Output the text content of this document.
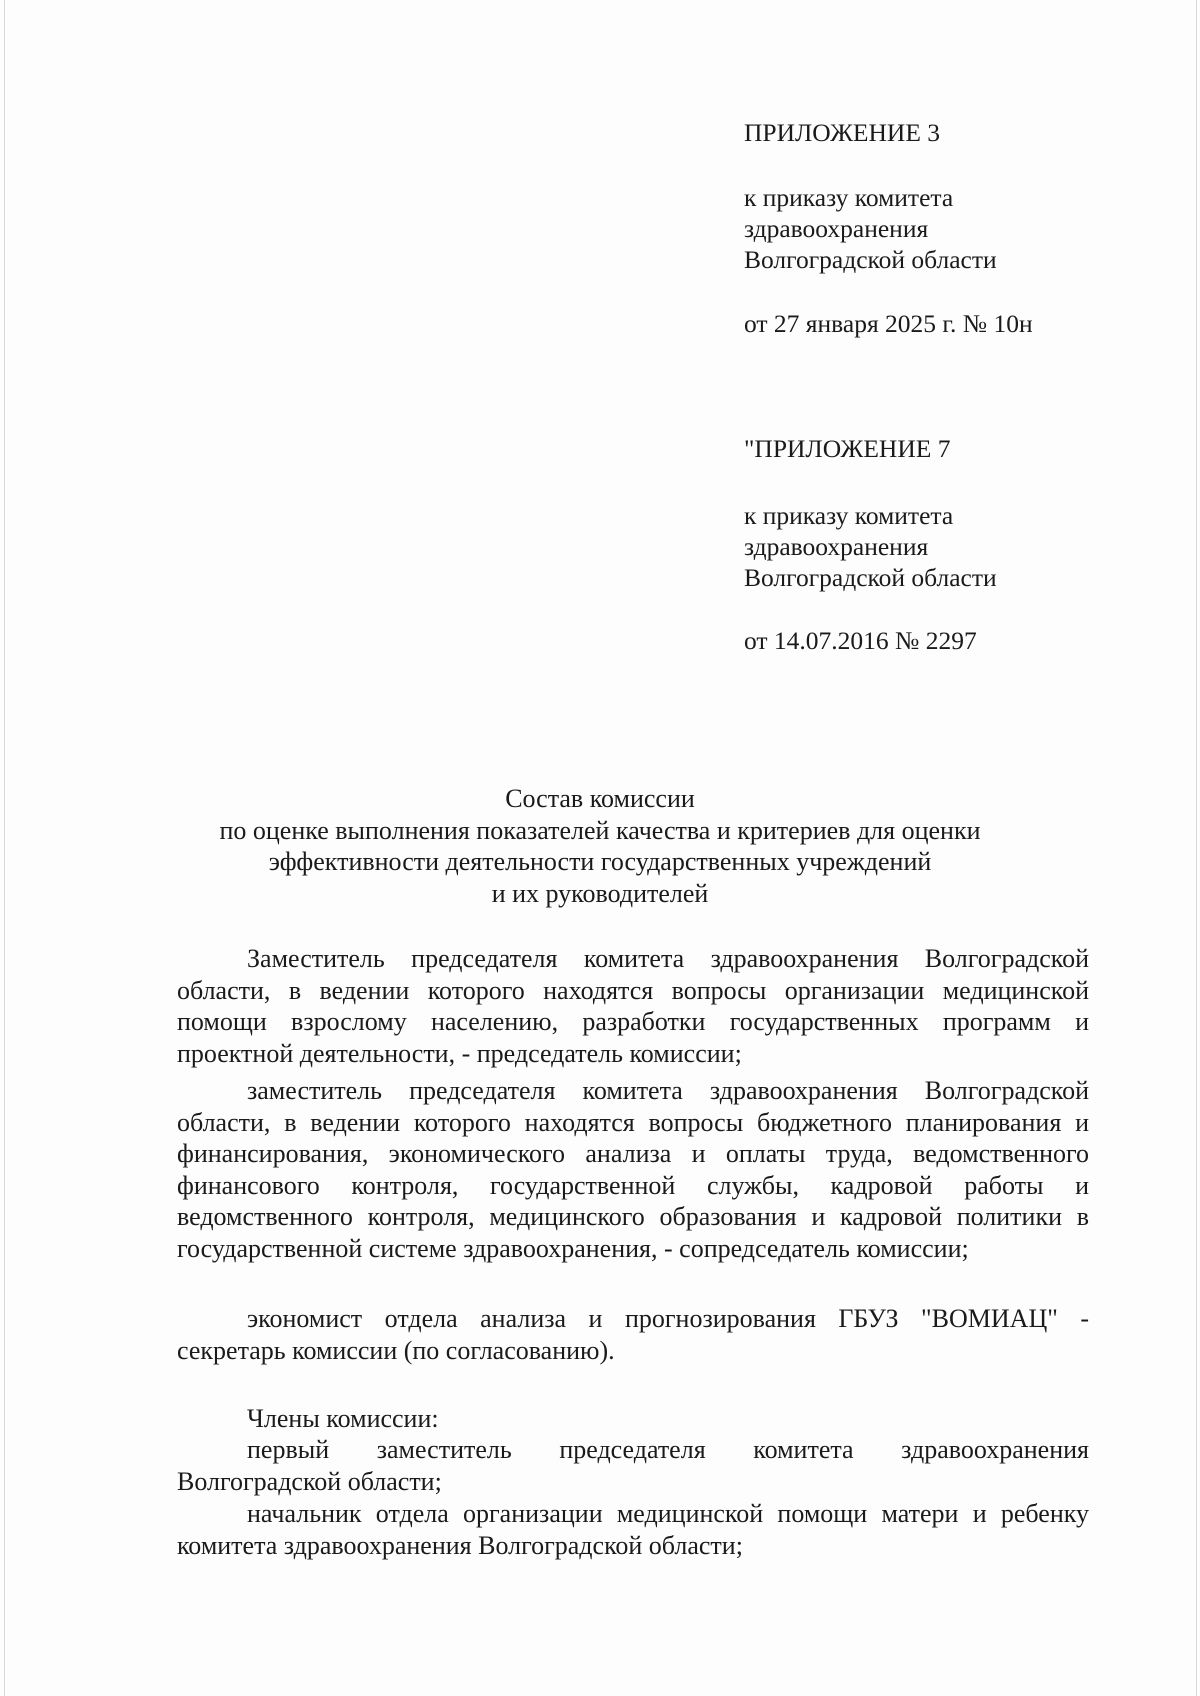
ПРИЛОЖЕНИЕ 3
к приказу комитета
здравоохранения
Волгоградской области
от 27 января 2025 г. № 10н
"ПРИЛОЖЕНИЕ 7
к приказу комитета
здравоохранения
Волгоградской области
от 14.07.2016 № 2297
Состав комиссии
по оценке выполнения показателей качества и критериев для оценки
эффективности деятельности государственных учреждений
и их руководителей

Заместитель председателя комитета здравоохранения Волгоградской области, в ведении которого находятся вопросы организации медицинской помощи взрослому населению, разработки государственных программ и проектной деятельности, - председатель комиссии;

заместитель председателя комитета здравоохранения Волгоградской области, в ведении которого находятся вопросы бюджетного планирования и финансирования, экономического анализа и оплаты труда, ведомственного финансового контроля, государственной службы, кадровой работы и ведомственного контроля, медицинского образования и кадровой политики в государственной системе здравоохранения, - сопредседатель комиссии;

экономист отдела анализа и прогнозирования ГБУЗ "ВОМИАЦ" - секретарь комиссии (по согласованию).

Члены комиссии:

первый заместитель председателя комитета здравоохранения Волгоградской области;

начальник отдела организации медицинской помощи матери и ребенку комитета здравоохранения Волгоградской области;
